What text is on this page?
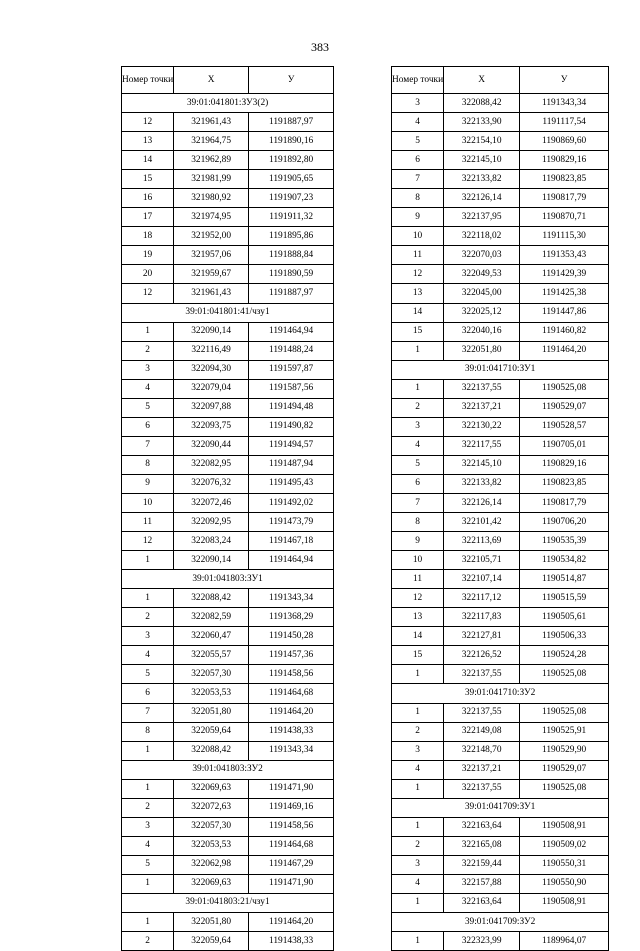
383
Номер точки	X	У
39:01:041801:ЗУ3(2)		
12	321961,43	1191887,97
13	321964,75	1191890,16
14	321962,89	1191892,80
15	321981,99	1191905,65
16	321980,92	1191907,23
17	321974,95	1191911,32
18	321952,00	1191895,86
19	321957,06	1191888,84
20	321959,67	1191890,59
12	321961,43	1191887,97
39:01:041801:41/чзу1		
1	322090,14	1191464,94
2	322116,49	1191488,24
3	322094,30	1191597,87
4	322079,04	1191587,56
5	322097,88	1191494,48
6	322093,75	1191490,82
7	322090,44	1191494,57
8	322082,95	1191487,94
9	322076,32	1191495,43
10	322072,46	1191492,02
11	322092,95	1191473,79
12	322083,24	1191467,18
1	322090,14	1191464,94
39:01:041803:ЗУ1		
1	322088,42	1191343,34
2	322082,59	1191368,29
3	322060,47	1191450,28
4	322055,57	1191457,36
5	322057,30	1191458,56
6	322053,53	1191464,68
7	322051,80	1191464,20
8	322059,64	1191438,33
1	322088,42	1191343,34
39:01:041803:ЗУ2		
1	322069,63	1191471,90
2	322072,63	1191469,16
3	322057,30	1191458,56
4	322053,53	1191464,68
5	322062,98	1191467,29
1	322069,63	1191471,90
39:01:041803:21/чзу1		
1	322051,80	1191464,20
2	322059,64	1191438,33
Номер точки	X	У
3	322088,42	1191343,34
4	322133,90	1191117,54
5	322154,10	1190869,60
6	322145,10	1190829,16
7	322133,82	1190823,85
8	322126,14	1190817,79
9	322137,95	1190870,71
10	322118,02	1191115,30
11	322070,03	1191353,43
12	322049,53	1191429,39
13	322045,00	1191425,38
14	322025,12	1191447,86
15	322040,16	1191460,82
1	322051,80	1191464,20
39:01:041710:ЗУ1		
1	322137,55	1190525,08
2	322137,21	1190529,07
3	322130,22	1190528,57
4	322117,55	1190705,01
5	322145,10	1190829,16
6	322133,82	1190823,85
7	322126,14	1190817,79
8	322101,42	1190706,20
9	322113,69	1190535,39
10	322105,71	1190534,82
11	322107,14	1190514,87
12	322117,12	1190515,59
13	322117,83	1190505,61
14	322127,81	1190506,33
15	322126,52	1190524,28
1	322137,55	1190525,08
39:01:041710:ЗУ2		
1	322137,55	1190525,08
2	322149,08	1190525,91
3	322148,70	1190529,90
4	322137,21	1190529,07
1	322137,55	1190525,08
39:01:041709:ЗУ1		
1	322163,64	1190508,91
2	322165,08	1190509,02
3	322159,44	1190550,31
4	322157,88	1190550,90
1	322163,64	1190508,91
39:01:041709:ЗУ2		
1	322323,99	1189964,07
